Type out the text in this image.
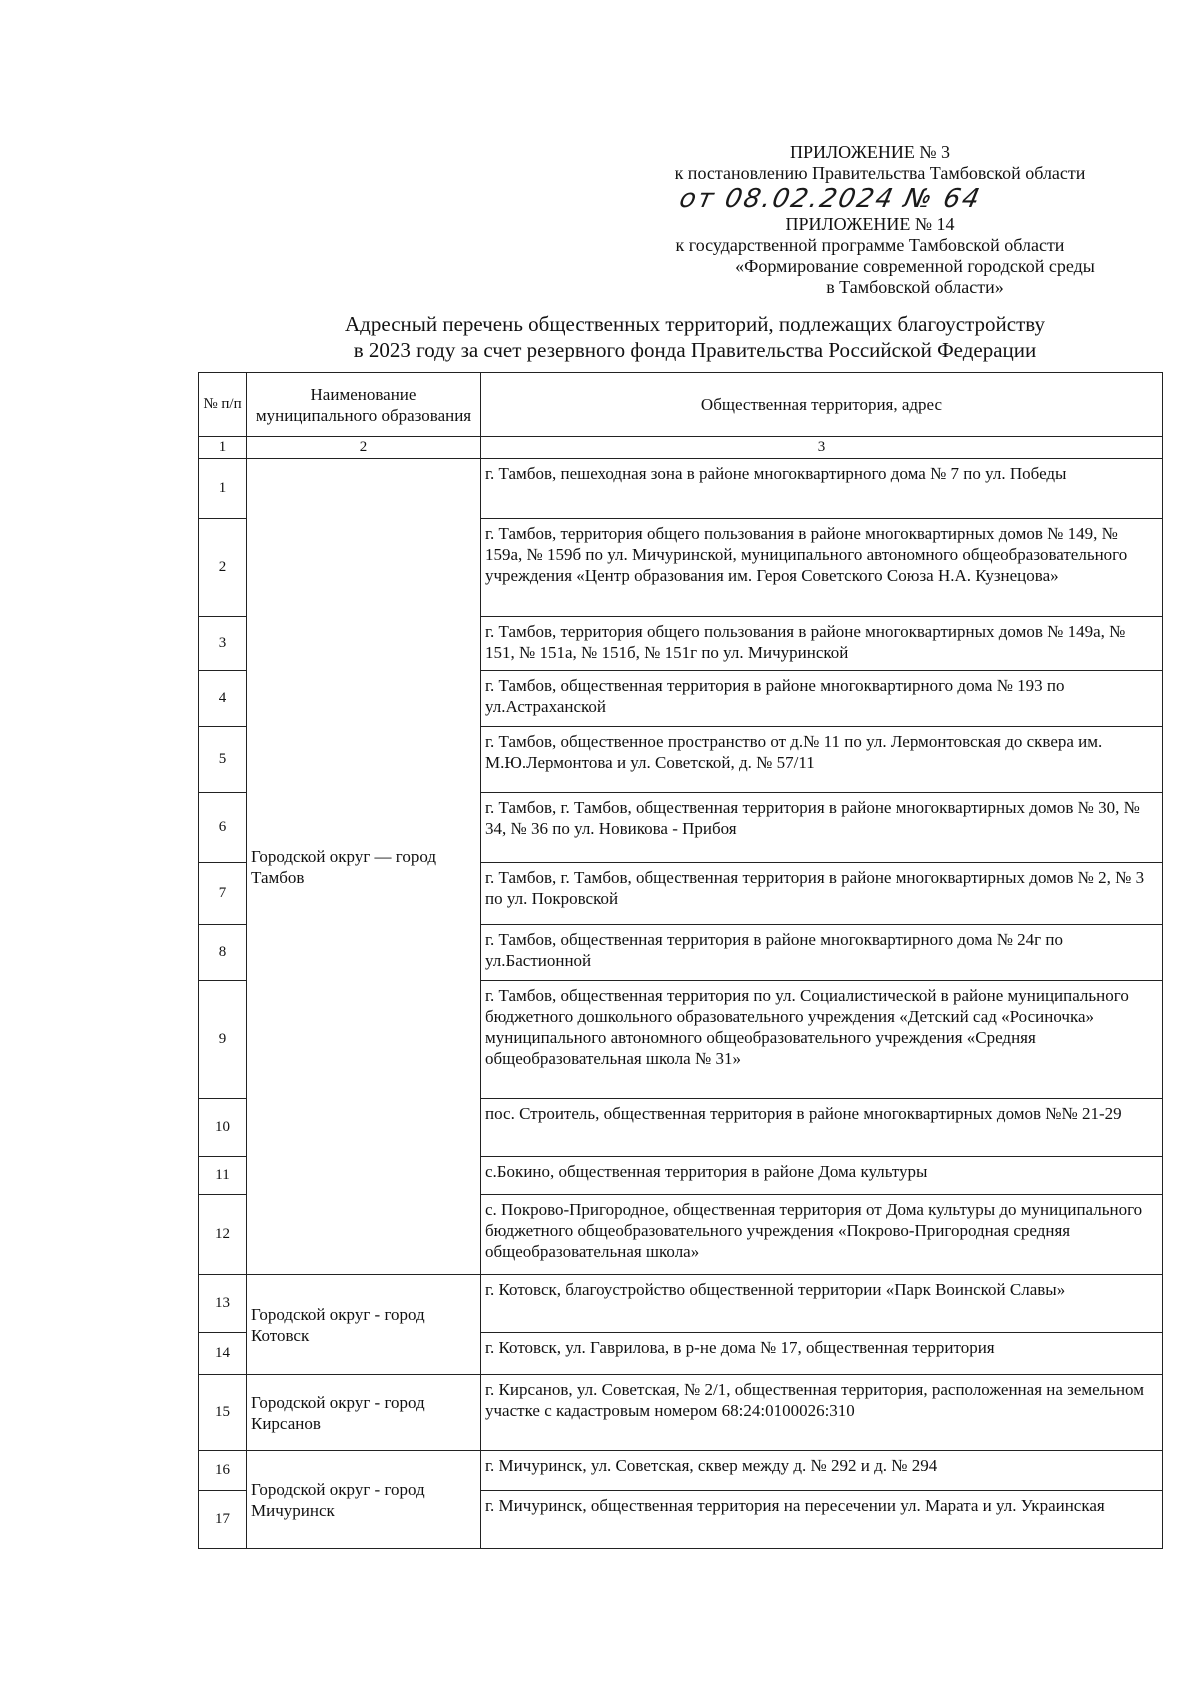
ПРИЛОЖЕНИЕ № 3
к постановлению Правительства Тамбовской области
от 08.02.2024 № 64
ПРИЛОЖЕНИЕ № 14
к государственной программе Тамбовской области
«Формирование современной городской среды
в Тамбовской области»
Адресный перечень общественных территорий, подлежащих благоустройству
в 2023 году за счет резервного фонда Правительства Российской Федерации
№ п/п	Наименование муниципального образования	Общественная территория, адрес
1	2	3
1	Городской округ — город Тамбов	г. Тамбов, пешеходная зона в районе многоквартирного дома № 7 по ул. Победы
2		г. Тамбов, территория общего пользования в районе многоквартирных домов № 149, № 159а, № 159б по ул. Мичуринской, муниципального автономного общеобразовательного учреждения «Центр образования им. Героя Советского Союза Н.А. Кузнецова»
3		г. Тамбов, территория общего пользования в районе многоквартирных домов № 149а, № 151, № 151а, № 151б, № 151г по ул. Мичуринской
4		г. Тамбов, общественная территория в районе многоквартирного дома № 193 по ул.Астраханской
5		г. Тамбов, общественное пространство от д.№ 11 по ул. Лермонтовская до сквера им. М.Ю.Лермонтова и ул. Советской, д. № 57/11
6		г. Тамбов, г. Тамбов, общественная территория в районе многоквартирных домов № 30, № 34, № 36 по ул. Новикова - Прибоя
7		г. Тамбов, г. Тамбов, общественная территория в районе многоквартирных домов № 2, № 3 по ул. Покровской
8		г. Тамбов, общественная территория в районе многоквартирного дома № 24г по ул.Бастионной
9		г. Тамбов, общественная территория по ул. Социалистической в районе муниципального бюджетного дошкольного образовательного учреждения «Детский сад «Росиночка» муниципального автономного общеобразовательного учреждения «Средняя общеобразовательная школа № 31»
10		пос. Строитель, общественная территория в районе многоквартирных домов №№ 21-29
11		с.Бокино, общественная территория в районе Дома культуры
12		с. Покрово-Пригородное, общественная территория от Дома культуры до муниципального бюджетного общеобразовательного учреждения «Покрово-Пригородная средняя общеобразовательная школа»
13	Городской округ - город Котовск	г. Котовск, благоустройство общественной территории «Парк Воинской Славы»
14		г. Котовск, ул. Гаврилова, в р-не дома № 17, общественная территория
15	Городской округ - город Кирсанов	г. Кирсанов, ул. Советская, № 2/1, общественная территория, расположенная на земельном участке с кадастровым номером 68:24:0100026:310
16	Городской округ - город Мичуринск	г. Мичуринск, ул. Советская, сквер между д. № 292 и д. № 294
17		г. Мичуринск, общественная территория на пересечении ул. Марата и ул. Украинская
